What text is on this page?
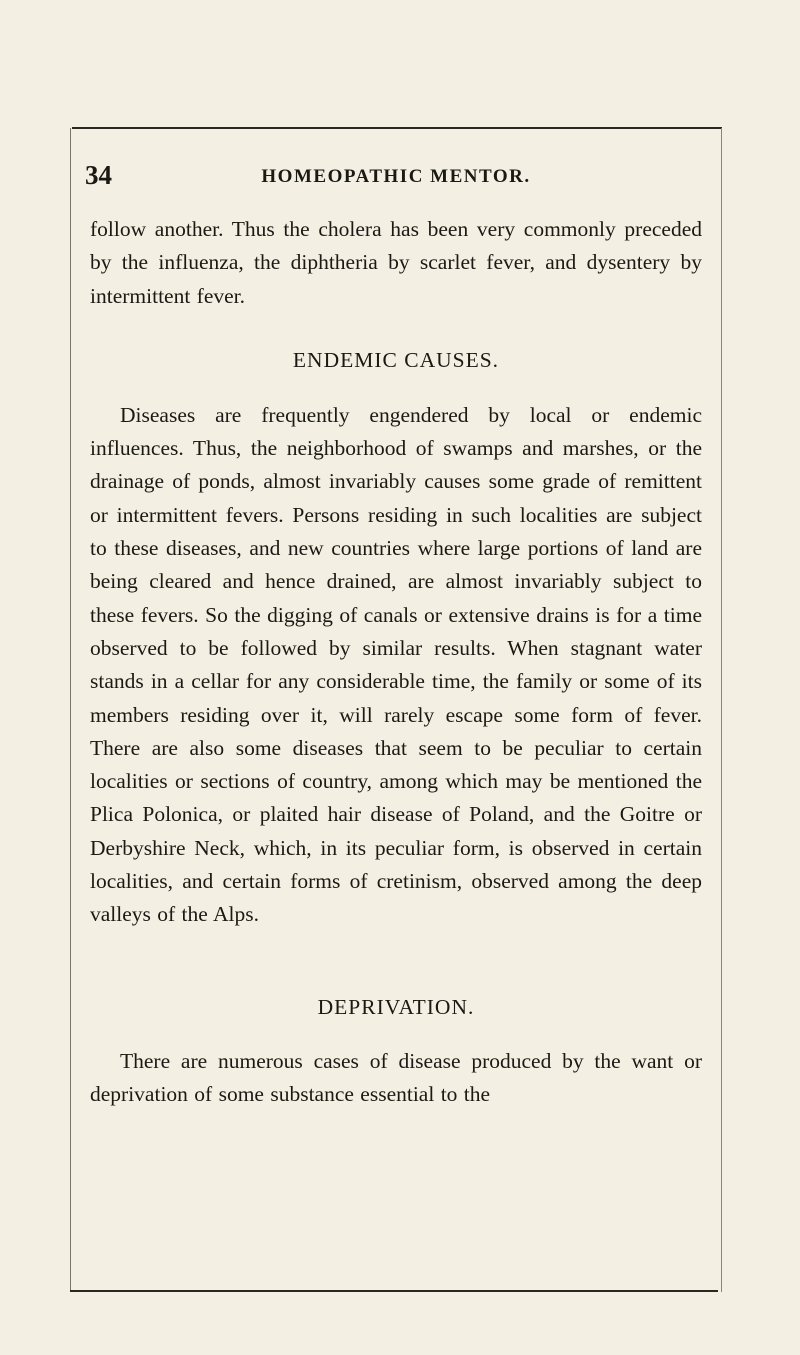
34	HOMEOPATHIC MENTOR.

follow another. Thus the cholera has been very commonly preceded by the influenza, the diphtheria by scarlet fever, and dysentery by intermittent fever.

ENDEMIC CAUSES.

Diseases are frequently engendered by local or endemic influences. Thus, the neighborhood of swamps and marshes, or the drainage of ponds, almost invariably causes some grade of remittent or intermittent fevers. Persons residing in such localities are subject to these diseases, and new countries where large portions of land are being cleared and hence drained, are almost invariably subject to these fevers. So the digging of canals or extensive drains is for a time observed to be followed by similar results. When stagnant water stands in a cellar for any considerable time, the family or some of its members residing over it, will rarely escape some form of fever. There are also some diseases that seem to be peculiar to certain localities or sections of country, among which may be mentioned the Plica Polonica, or plaited hair disease of Poland, and the Goitre or Derbyshire Neck, which, in its peculiar form, is observed in certain localities, and certain forms of cretinism, observed among the deep valleys of the Alps.

DEPRIVATION.

There are numerous cases of disease produced by the want or deprivation of some substance essential to the
